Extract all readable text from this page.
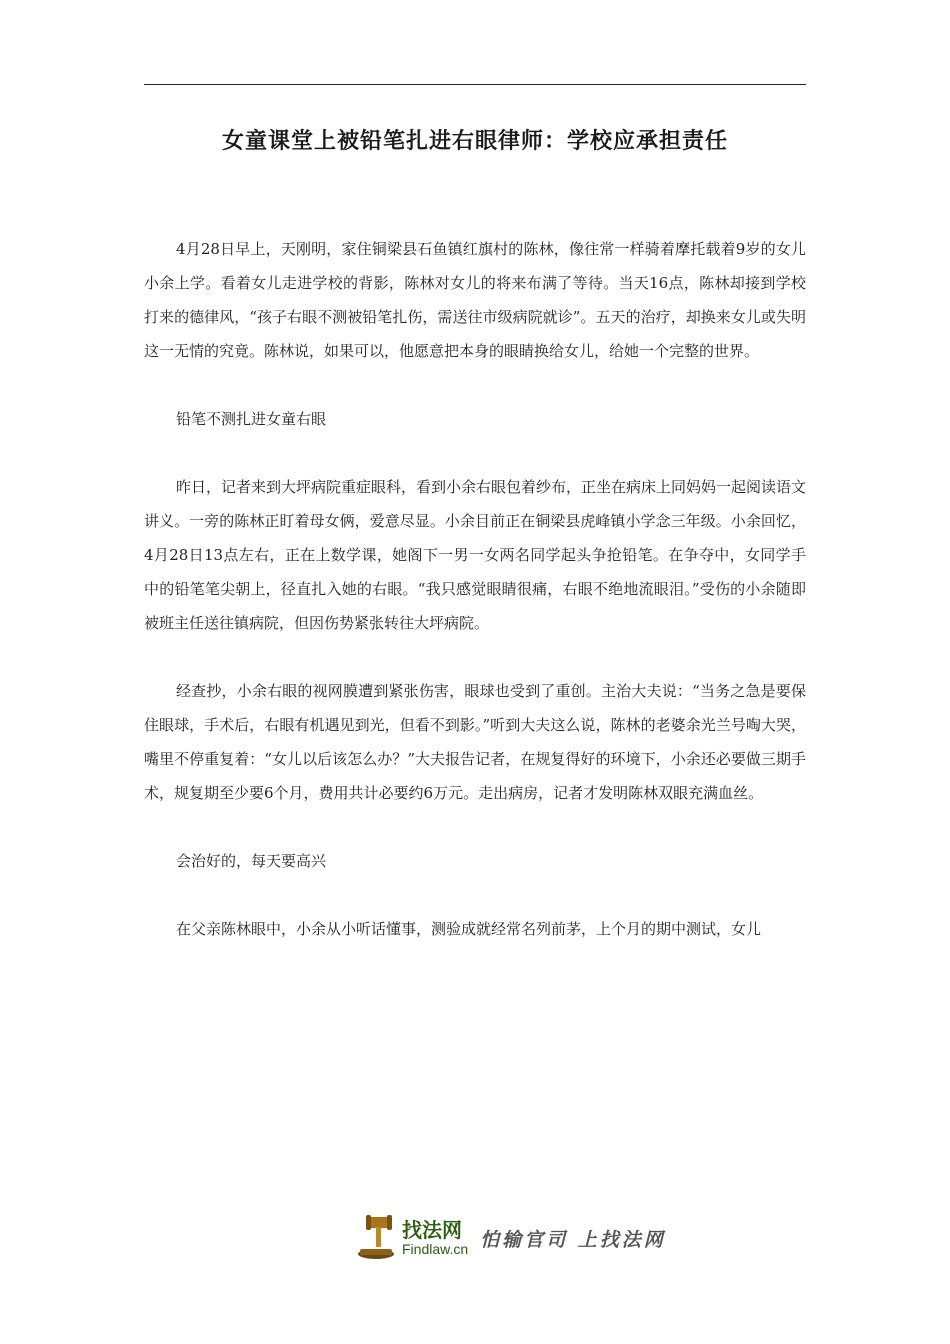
女童课堂上被铅笔扎进右眼律师：学校应承担责任

4月28日早上，天刚明，家住铜梁县石鱼镇红旗村的陈林，像往常一样骑着摩托载着9岁的女儿小余上学。看着女儿走进学校的背影，陈林对女儿的将来布满了等待。当天16点，陈林却接到学校打来的德律风，“孩子右眼不测被铅笔扎伤，需送往市级病院就诊”。五天的治疗，却换来女儿或失明这一无情的究竟。陈林说，如果可以，他愿意把本身的眼睛换给女儿，给她一个完整的世界。

铅笔不测扎进女童右眼

昨日，记者来到大坪病院重症眼科，看到小余右眼包着纱布，正坐在病床上同妈妈一起阅读语文讲义。一旁的陈林正盯着母女俩，爱意尽显。小余目前正在铜梁县虎峰镇小学念三年级。小余回忆，4月28日13点左右，正在上数学课，她阁下一男一女两名同学起头争抢铅笔。在争夺中，女同学手中的铅笔笔尖朝上，径直扎入她的右眼。“我只感觉眼睛很痛，右眼不绝地流眼泪。”受伤的小余随即被班主任送往镇病院，但因伤势紧张转往大坪病院。

经查抄，小余右眼的视网膜遭到紧张伤害，眼球也受到了重创。主治大夫说：“当务之急是要保住眼球，手术后，右眼有机遇见到光，但看不到影。”听到大夫这么说，陈林的老婆余光兰号啕大哭，嘴里不停重复着：“女儿以后该怎么办？”大夫报告记者，在规复得好的环境下，小余还必要做三期手术，规复期至少要6个月，费用共计必要约6万元。走出病房，记者才发明陈林双眼充满血丝。

会治好的，每天要高兴

在父亲陈林眼中，小余从小听话懂事，测验成就经常名列前茅，上个月的期中测试，女儿

找法网
Findlaw.cn 怕输官司 上找法网
